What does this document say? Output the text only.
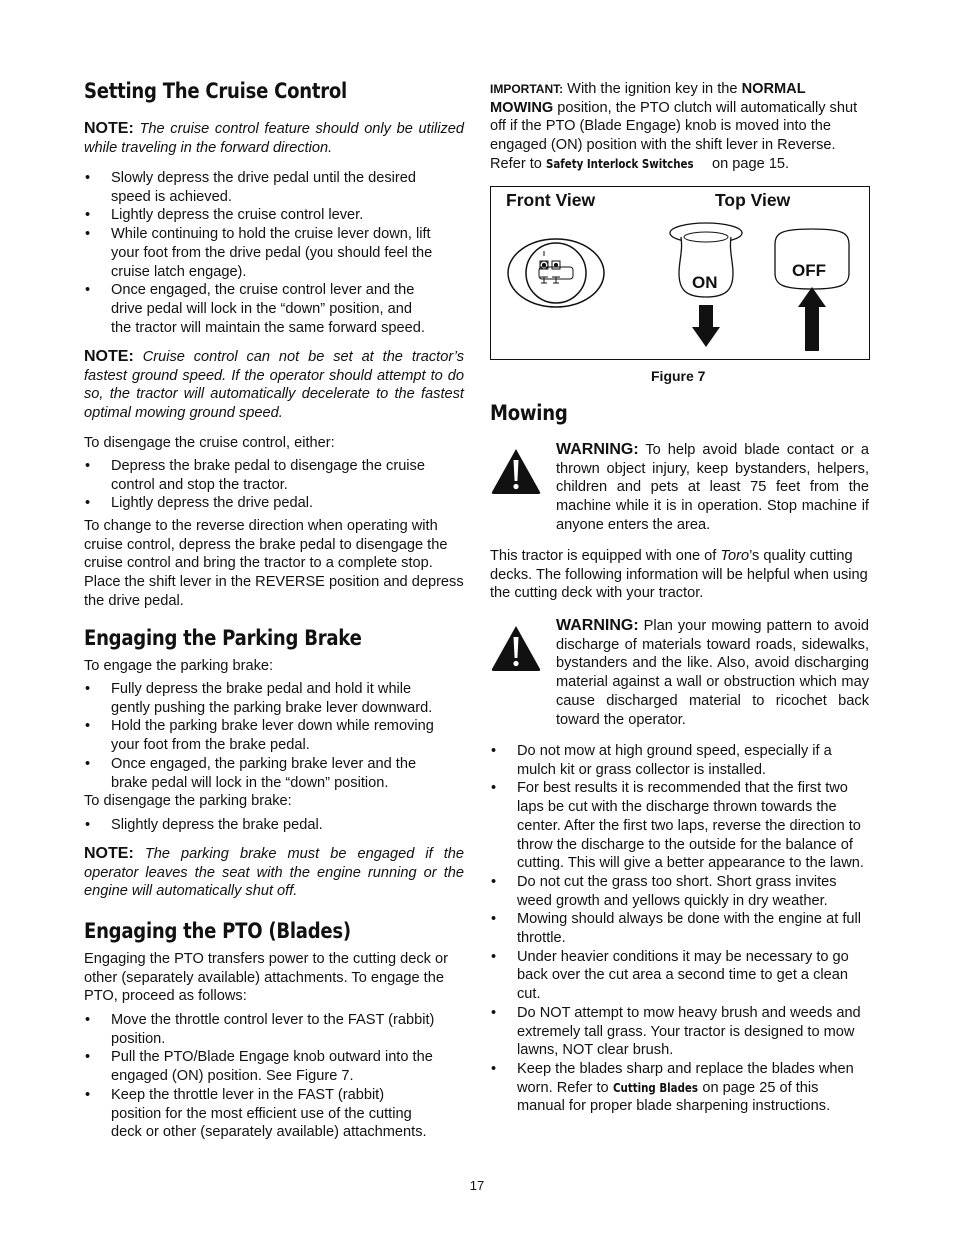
Setting The Cruise Control

NOTE: The cruise control feature should only be utilized while traveling in the forward direction.

• Slowly depress the drive pedal until the desired speed is achieved.
• Lightly depress the cruise control lever.
• While continuing to hold the cruise lever down, lift your foot from the drive pedal (you should feel the cruise latch engage).
• Once engaged, the cruise control lever and the drive pedal will lock in the “down” position, and the tractor will maintain the same forward speed.

NOTE: Cruise control can not be set at the tractor’s fastest ground speed. If the operator should attempt to do so, the tractor will automatically decelerate to the fastest optimal mowing ground speed.

To disengage the cruise control, either:

• Depress the brake pedal to disengage the cruise control and stop the tractor.
• Lightly depress the drive pedal.

To change to the reverse direction when operating with cruise control, depress the brake pedal to disengage the cruise control and bring the tractor to a complete stop. Place the shift lever in the REVERSE position and depress the drive pedal.

Engaging the Parking Brake

To engage the parking brake:

• Fully depress the brake pedal and hold it while gently pushing the parking brake lever downward.
• Hold the parking brake lever down while removing your foot from the brake pedal.
• Once engaged, the parking brake lever and the brake pedal will lock in the “down” position.

To disengage the parking brake:

• Slightly depress the brake pedal.

NOTE: The parking brake must be engaged if the operator leaves the seat with the engine running or the engine will automatically shut off.

Engaging the PTO (Blades)

Engaging the PTO transfers power to the cutting deck or other (separately available) attachments. To engage the PTO, proceed as follows:

• Move the throttle control lever to the FAST (rabbit) position.
• Pull the PTO/Blade Engage knob outward into the engaged (ON) position. See Figure 7.
• Keep the throttle lever in the FAST (rabbit) position for the most efficient use of the cutting deck or other (separately available) attachments.

IMPORTANT: With the ignition key in the NORMAL MOWING position, the PTO clutch will automatically shut off if the PTO (Blade Engage) knob is moved into the engaged (ON) position with the shift lever in Reverse. Refer to Safety Interlock Switches on page 15.

Front View	Top View
ON
OFF
Figure 7
Mowing

WARNING: To help avoid blade contact or a thrown object injury, keep bystanders, helpers, children and pets at least 75 feet from the machine while it is in operation. Stop machine if anyone enters the area.

This tractor is equipped with one of Toro’s quality cutting decks. The following information will be helpful when using the cutting deck with your tractor.

WARNING: Plan your mowing pattern to avoid discharge of materials toward roads, sidewalks, bystanders and the like. Also, avoid discharging material against a wall or obstruction which may cause discharged material to ricochet back toward the operator.

• Do not mow at high ground speed, especially if a mulch kit or grass collector is installed.
• For best results it is recommended that the first two laps be cut with the discharge thrown towards the center. After the first two laps, reverse the direction to throw the discharge to the outside for the balance of cutting. This will give a better appearance to the lawn.
• Do not cut the grass too short. Short grass invites weed growth and yellows quickly in dry weather.
• Mowing should always be done with the engine at full throttle.
• Under heavier conditions it may be necessary to go back over the cut area a second time to get a clean cut.
• Do NOT attempt to mow heavy brush and weeds and extremely tall grass. Your tractor is designed to mow lawns, NOT clear brush.
• Keep the blades sharp and replace the blades when worn. Refer to Cutting Blades on page 25 of this manual for proper blade sharpening instructions.
17
